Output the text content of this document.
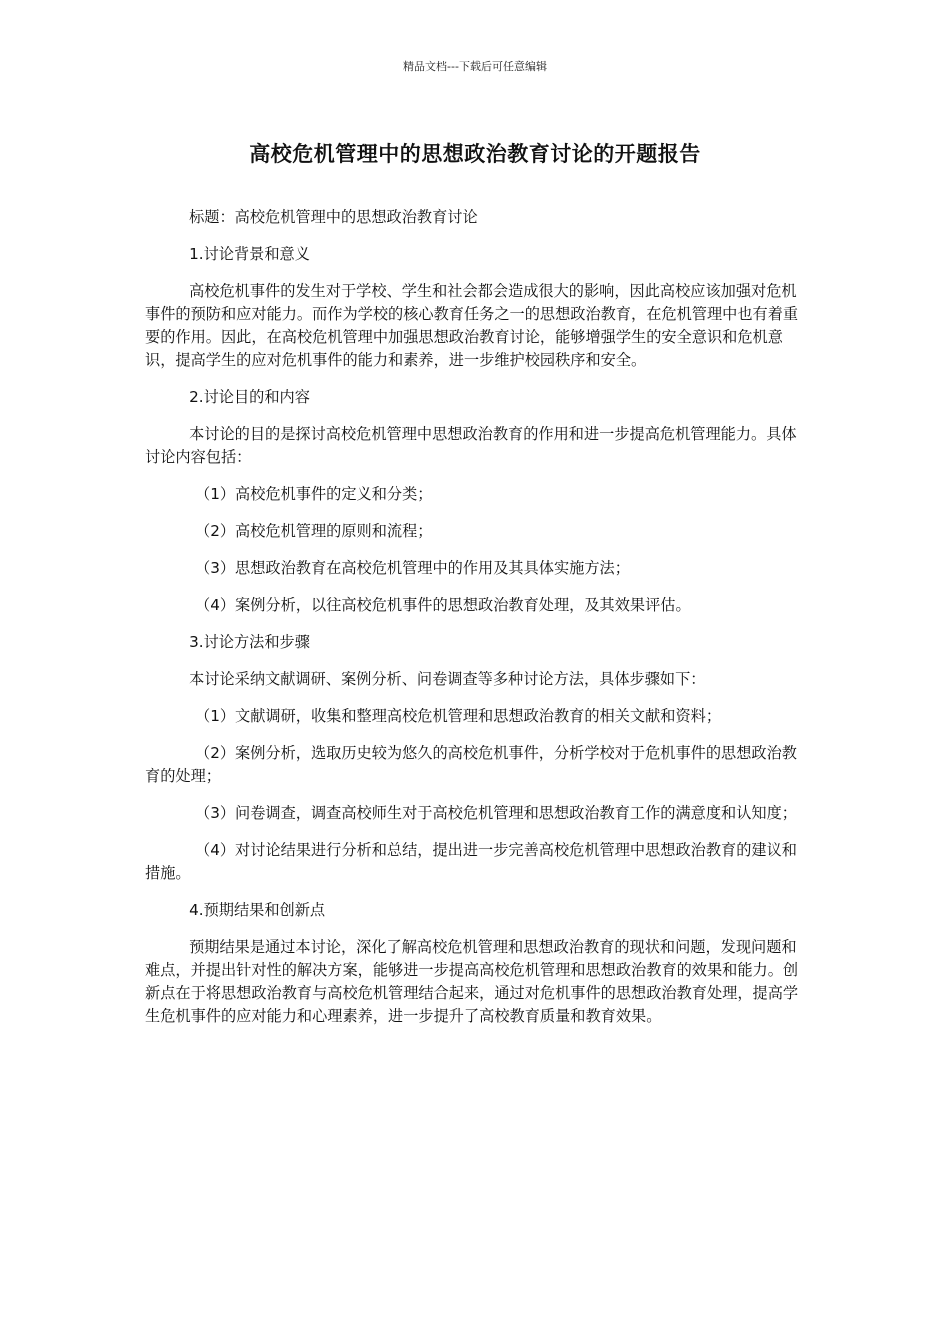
精品文档---下载后可任意编辑
高校危机管理中的思想政治教育讨论的开题报告

标题：高校危机管理中的思想政治教育讨论

1.讨论背景和意义

高校危机事件的发生对于学校、学生和社会都会造成很大的影响，因此高校应该加强对危机事件的预防和应对能力。而作为学校的核心教育任务之一的思想政治教育，在危机管理中也有着重要的作用。因此，在高校危机管理中加强思想政治教育讨论，能够增强学生的安全意识和危机意识，提高学生的应对危机事件的能力和素养，进一步维护校园秩序和安全。

2.讨论目的和内容

本讨论的目的是探讨高校危机管理中思想政治教育的作用和进一步提高危机管理能力。具体讨论内容包括：

（1）高校危机事件的定义和分类；

（2）高校危机管理的原则和流程；

（3）思想政治教育在高校危机管理中的作用及其具体实施方法；

（4）案例分析，以往高校危机事件的思想政治教育处理，及其效果评估。

3.讨论方法和步骤

本讨论采纳文献调研、案例分析、问卷调查等多种讨论方法，具体步骤如下：

（1）文献调研，收集和整理高校危机管理和思想政治教育的相关文献和资料；

（2）案例分析，选取历史较为悠久的高校危机事件，分析学校对于危机事件的思想政治教育的处理；

（3）问卷调查，调查高校师生对于高校危机管理和思想政治教育工作的满意度和认知度；

（4）对讨论结果进行分析和总结，提出进一步完善高校危机管理中思想政治教育的建议和措施。

4.预期结果和创新点

预期结果是通过本讨论，深化了解高校危机管理和思想政治教育的现状和问题，发现问题和难点，并提出针对性的解决方案，能够进一步提高高校危机管理和思想政治教育的效果和能力。创新点在于将思想政治教育与高校危机管理结合起来，通过对危机事件的思想政治教育处理，提高学生危机事件的应对能力和心理素养，进一步提升了高校教育质量和教育效果。
